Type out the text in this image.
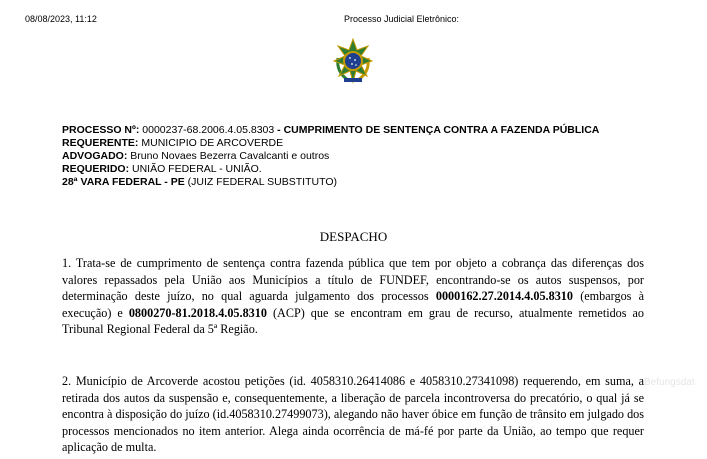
08/08/2023, 11:12	Processo Judicial Eletrônico:
PROCESSO Nº: 0000237-68.2006.4.05.8303 - CUMPRIMENTO DE SENTENÇA CONTRA A FAZENDA PÚBLICA
REQUERENTE: MUNICIPIO DE ARCOVERDE
ADVOGADO: Bruno Novaes Bezerra Cavalcanti e outros
REQUERIDO: UNIÃO FEDERAL - UNIÃO.
28ª VARA FEDERAL - PE (JUIZ FEDERAL SUBSTITUTO)
DESPACHO
1. Trata-se de cumprimento de sentença contra fazenda pública que tem por objeto a cobrança das diferenças dos valores repassados pela União aos Municípios a título de FUNDEF, encontrando-se os autos suspensos, por determinação deste juízo, no qual aguarda julgamento dos processos 0000162.27.2014.4.05.8310 (embargos à execução) e 0800270-81.2018.4.05.8310 (ACP) que se encontram em grau de recurso, atualmente remetidos ao Tribunal Regional Federal da 5ª Região.
2. Município de Arcoverde acostou petições (id. 4058310.26414086 e 4058310.27341098) requerendo, em suma, a retirada dos autos da suspensão e, consequentemente, a liberação de parcela incontroversa do precatório, o qual já se encontra à disposição do juízo (id.4058310.27499073), alegando não haver óbice em função de trânsito em julgado dos processos mencionados no item anterior. Alega ainda ocorrência de má-fé por parte da União, ao tempo que requer aplicação de multa.
Befungsdat
